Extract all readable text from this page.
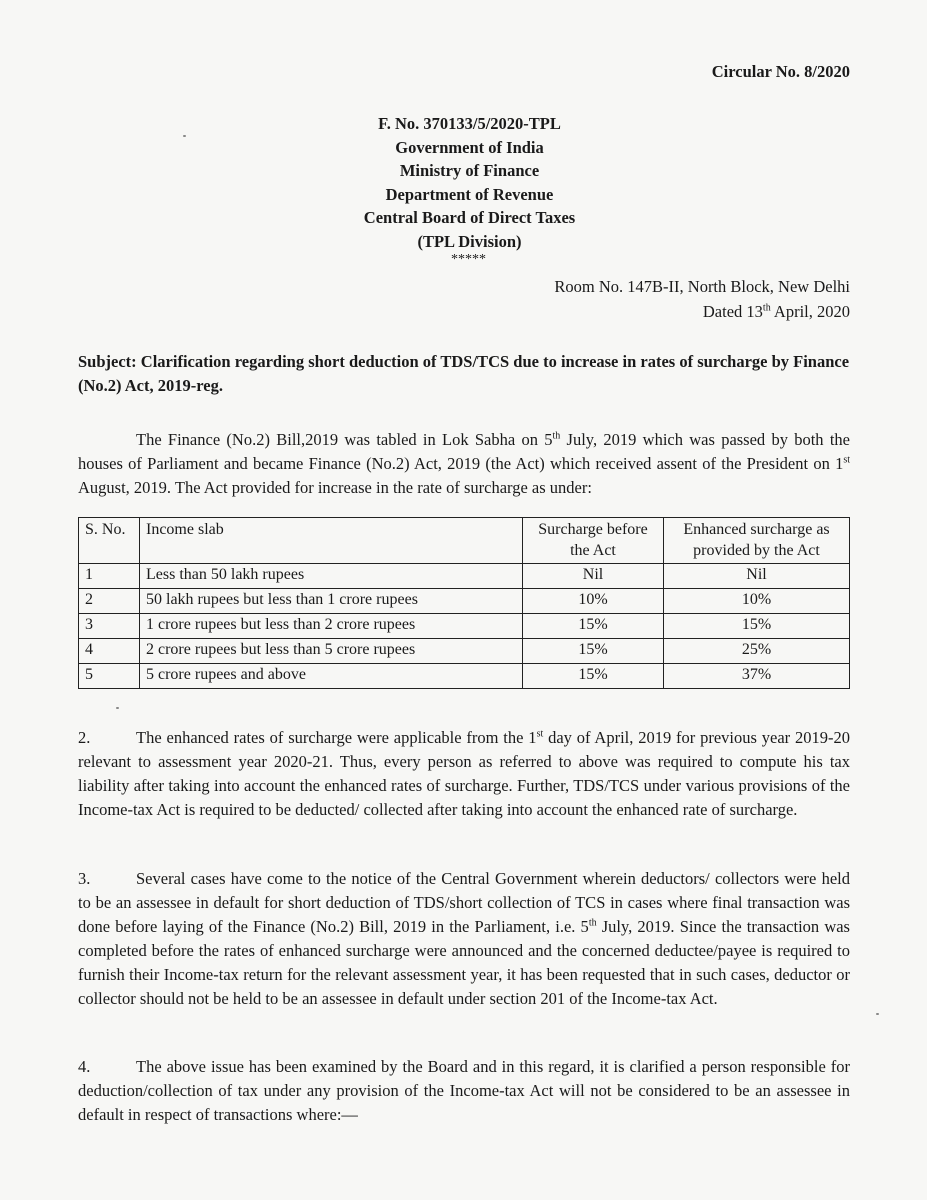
Circular No. 8/2020
F. No. 370133/5/2020-TPL
Government of India
Ministry of Finance
Department of Revenue
Central Board of Direct Taxes
(TPL Division)
*****
Room No. 147B-II, North Block, New Delhi
Dated 13th April, 2020
Subject: Clarification regarding short deduction of TDS/TCS due to increase in rates of surcharge by Finance (No.2) Act, 2019-reg.
The Finance (No.2) Bill,2019 was tabled in Lok Sabha on 5th July, 2019 which was passed by both the houses of Parliament and became Finance (No.2) Act, 2019 (the Act) which received assent of the President on 1st August, 2019. The Act provided for increase in the rate of surcharge as under:
S. No.	Income slab	Surcharge before the Act	Enhanced surcharge as provided by the Act
1	Less than 50 lakh rupees	Nil	Nil
2	50 lakh rupees but less than 1 crore rupees	10%	10%
3	1 crore rupees but less than 2 crore rupees	15%	15%
4	2 crore rupees but less than 5 crore rupees	15%	25%
5	5 crore rupees and above	15%	37%
2.	The enhanced rates of surcharge were applicable from the 1st day of April, 2019 for previous year 2019-20 relevant to assessment year 2020-21. Thus, every person as referred to above was required to compute his tax liability after taking into account the enhanced rates of surcharge. Further, TDS/TCS under various provisions of the Income-tax Act is required to be deducted/ collected after taking into account the enhanced rate of surcharge.
3.	Several cases have come to the notice of the Central Government wherein deductors/ collectors were held to be an assessee in default for short deduction of TDS/short collection of TCS in cases where final transaction was done before laying of the Finance (No.2) Bill, 2019 in the Parliament, i.e. 5th July, 2019. Since the transaction was completed before the rates of enhanced surcharge were announced and the concerned deductee/payee is required to furnish their Income-tax return for the relevant assessment year, it has been requested that in such cases, deductor or collector should not be held to be an assessee in default under section 201 of the Income-tax Act.
4.	The above issue has been examined by the Board and in this regard, it is clarified a person responsible for deduction/collection of tax under any provision of the Income-tax Act will not be considered to be an assessee in default in respect of transactions where:—
